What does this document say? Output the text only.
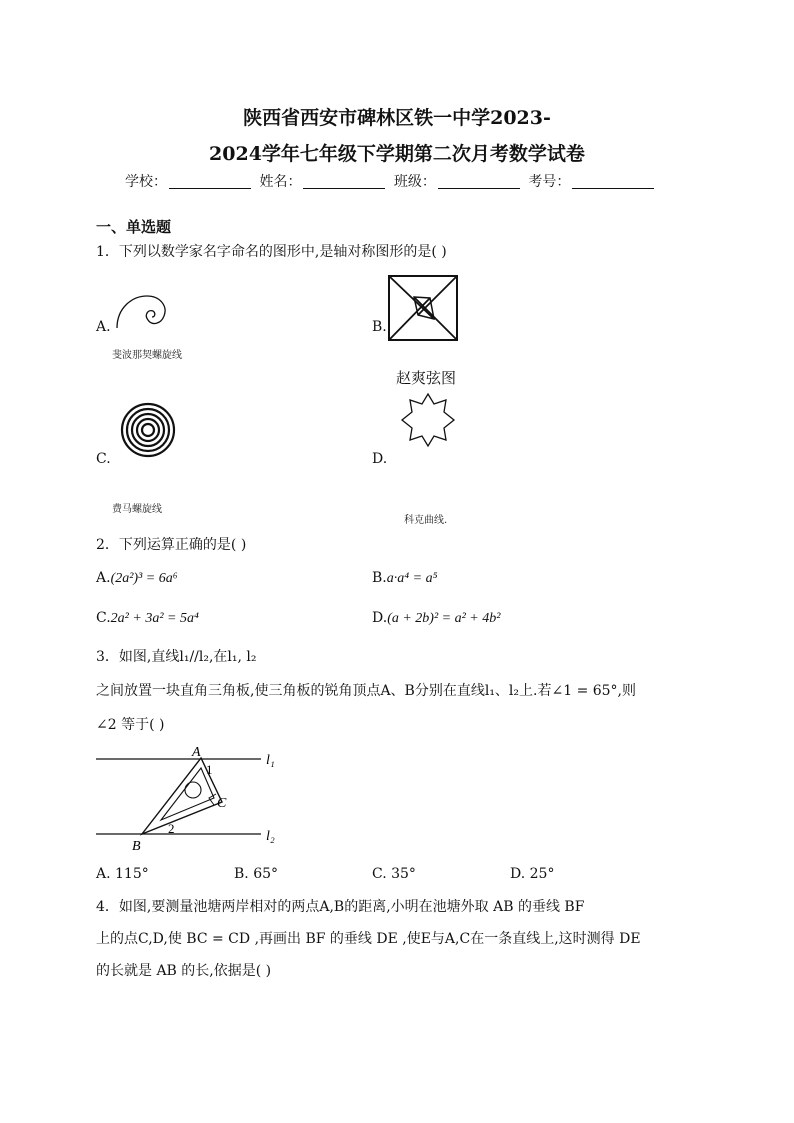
陕西省西安市碑林区铁一中学2023-
2024学年七年级下学期第二次月考数学试卷
学校：	姓名：	班级：	考号：
一、单选题
1．下列以数学家名字命名的图形中,是轴对称图形的是( )
A.
斐波那契螺旋线
B.
赵爽弦图
C.
费马螺旋线
D.
科克曲线.
2．下列运算正确的是( )
A.(2a²)³ = 6a⁶	B.a·a⁴ = a⁵
C.2a² + 3a² = 5a⁴	D.(a + 2b)² = a² + 4b²
3．如图,直线l₁//l₂,在l₁, l₂
之间放置一块直角三角板,使三角板的锐角顶点A、B分别在直线l₁、l₂上.若∠1 = 65°,则
∠2 等于( )
A
1
C
2
B
l₁
l₂
A. 115°	B. 65°	C. 35°	D. 25°
4．如图,要测量池塘两岸相对的两点A,B的距离,小明在池塘外取 AB 的垂线 BF
上的点C,D,使 BC = CD ,再画出 BF 的垂线 DE ,使E与A,C在一条直线上,这时测得 DE
的长就是 AB 的长,依据是( )
